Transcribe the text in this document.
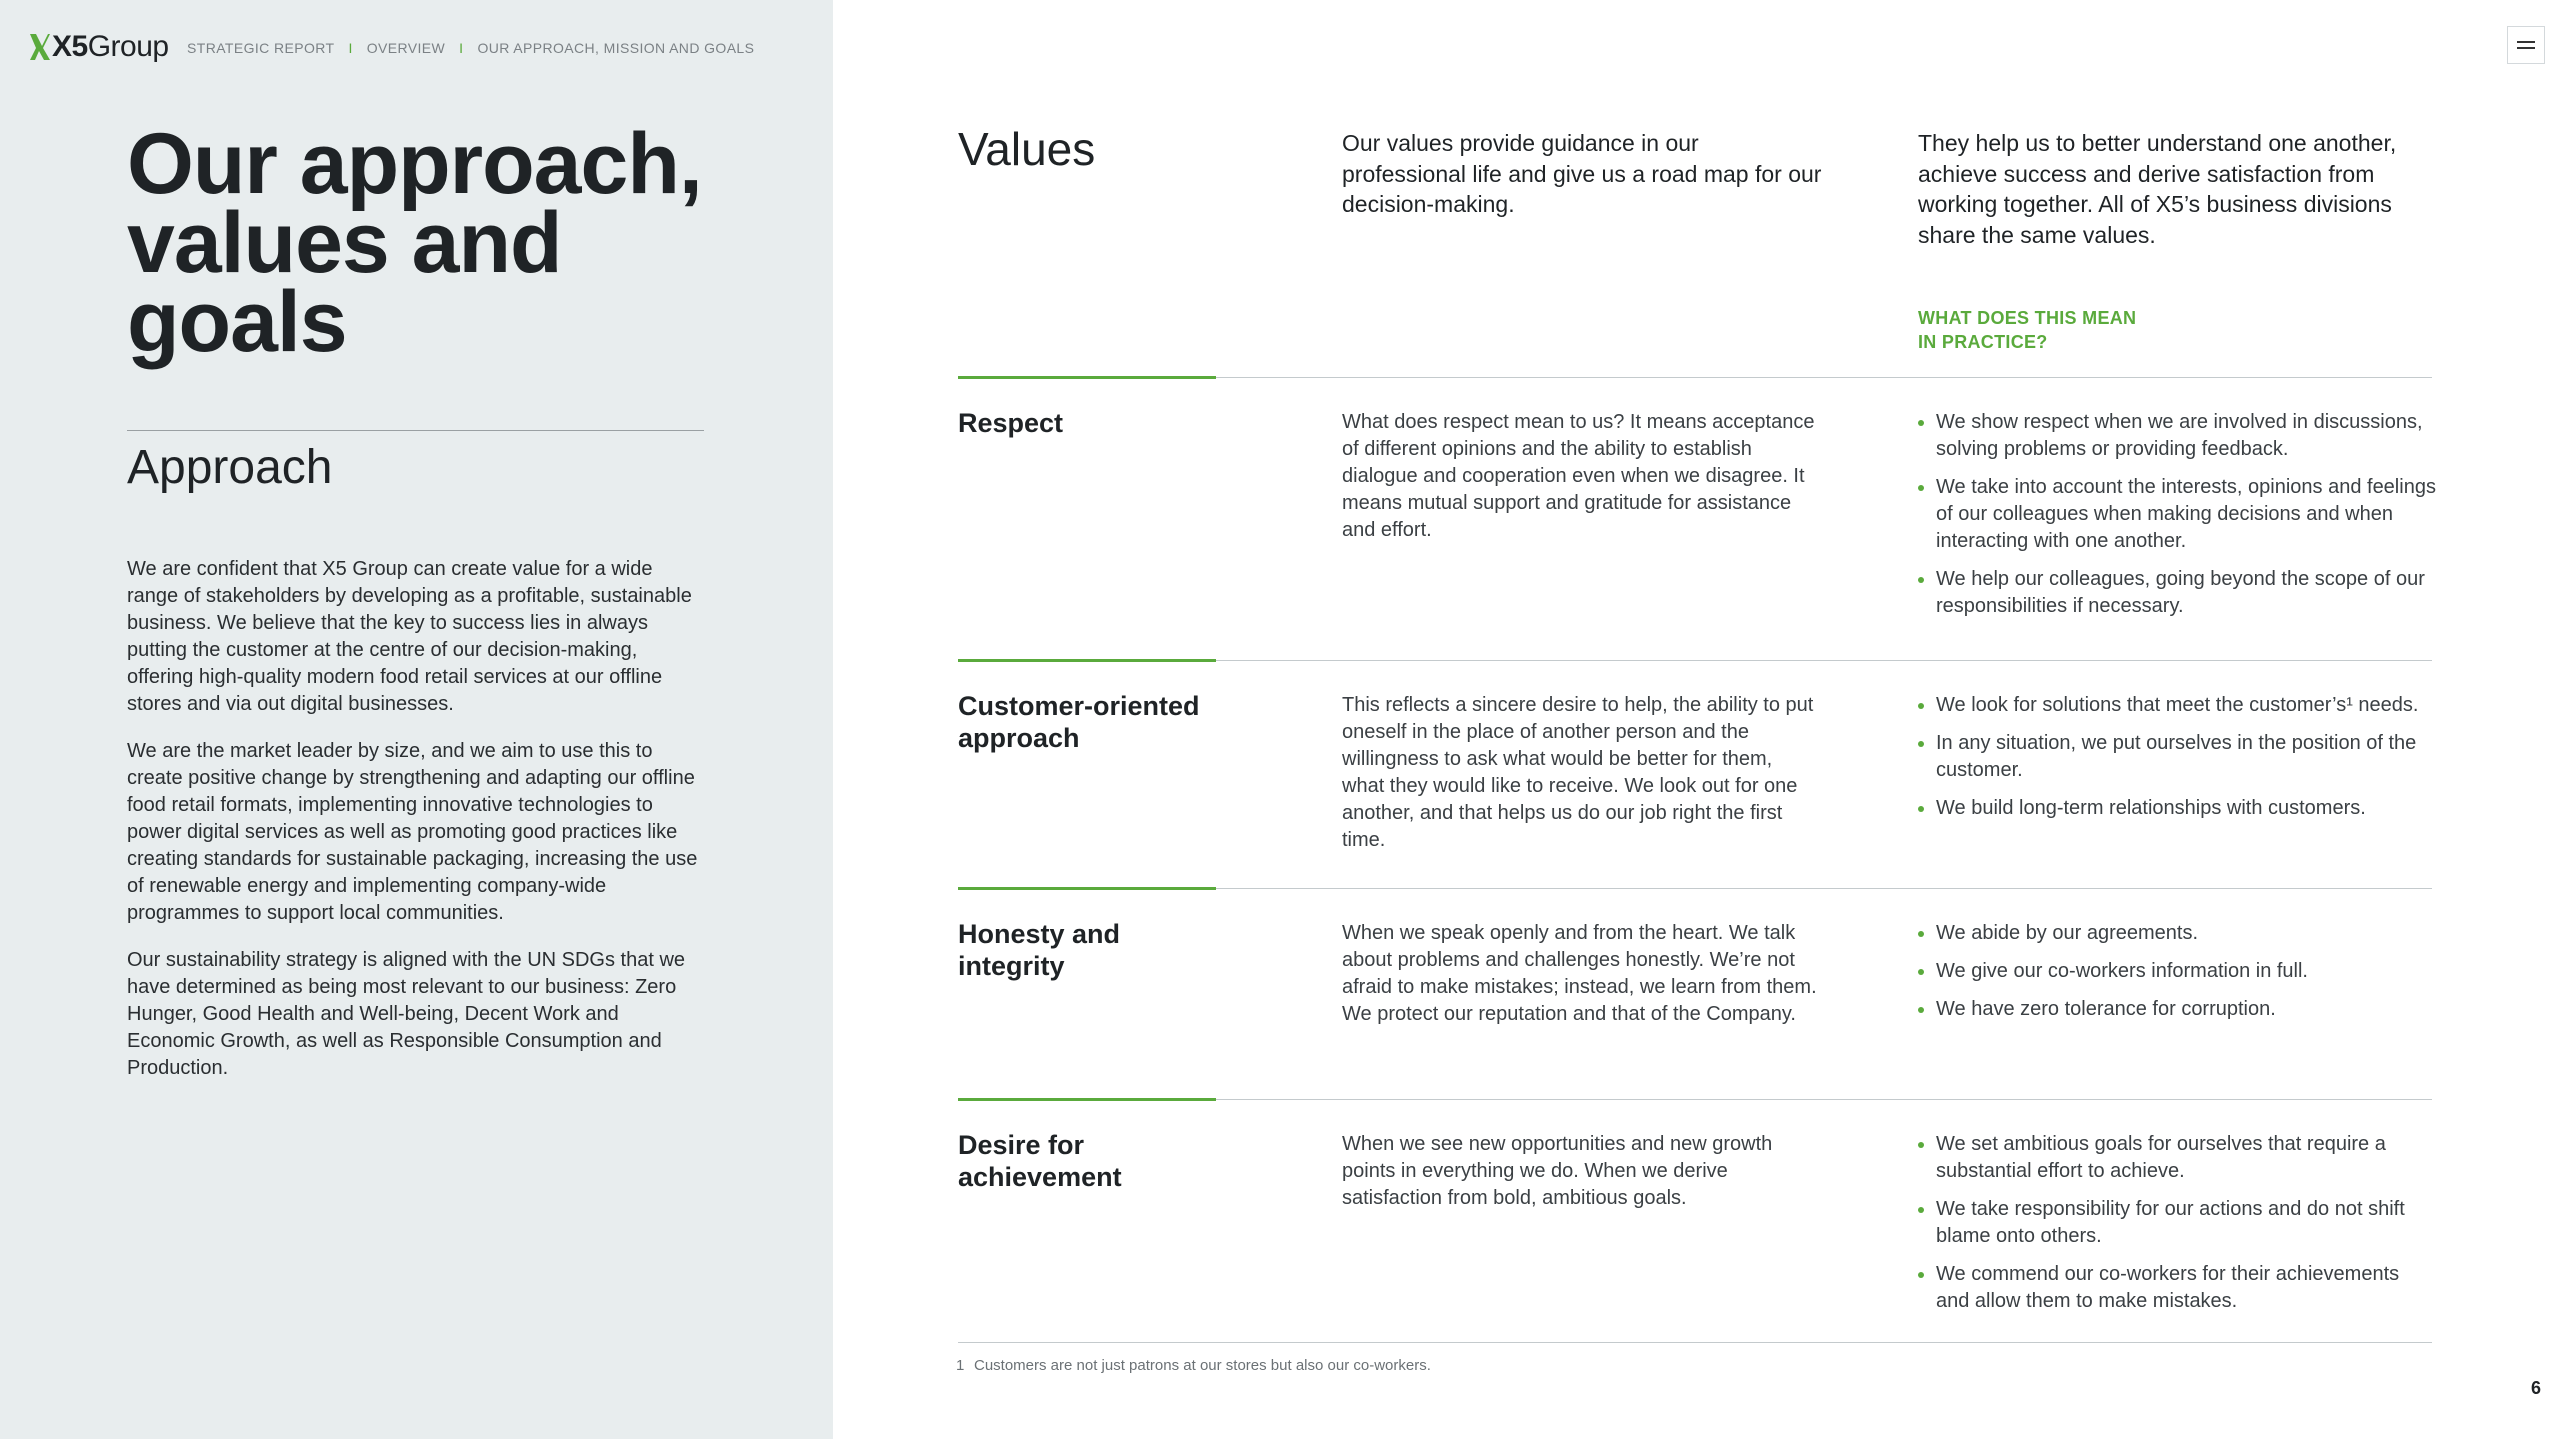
X5Group STRATEGIC REPORT I OVERVIEW I OUR APPROACH, MISSION AND GOALS
Our approach, values and goals
Approach

We are confident that X5 Group can create value for a wide range of stakeholders by developing as a profitable, sustainable business. We believe that the key to success lies in always putting the customer at the centre of our decision-making, offering high-quality modern food retail services at our offline stores and via out digital businesses.

We are the market leader by size, and we aim to use this to create positive change by strengthening and adapting our offline food retail formats, implementing innovative technologies to power digital services as well as promoting good practices like creating standards for sustainable packaging, increasing the use of renewable energy and implementing company-wide programmes to support local communities.

Our sustainability strategy is aligned with the UN SDGs that we have determined as being most relevant to our business: Zero Hunger, Good Health and Well-being, Decent Work and Economic Growth, as well as Responsible Consumption and Production.

Values	Our values provide guidance in our professional life and give us a road map for our decision-making.
They help us to better understand one another, achieve success and derive satisfaction from working together. All of X5’s business divisions share the same values.
WHAT DOES THIS MEAN IN PRACTICE?
Respect	What does respect mean to us? It means acceptance of different opinions and the ability to establish dialogue and cooperation even when we disagree. It means mutual support and gratitude for assistance and effort.
We show respect when we are involved in discussions, solving problems or providing feedback.
We take into account the interests, opinions and feelings of our colleagues when making decisions and when interacting with one another.
We help our colleagues, going beyond the scope of our responsibilities if necessary.
Customer-oriented approach
This reflects a sincere desire to help, the ability to put oneself in the place of another person and the willingness to ask what would be better for them, what they would like to receive. We look out for one another, and that helps us do our job right the first time.
We look for solutions that meet the customer’s¹ needs.
In any situation, we put ourselves in the position of the customer.
We build long-term relationships with customers.
Honesty and integrity
When we speak openly and from the heart. We talk about problems and challenges honestly. We’re not afraid to make mistakes; instead, we learn from them. We protect our reputation and that of the Company.
We abide by our agreements.
We give our co-workers information in full.
We have zero tolerance for corruption.
Desire for achievement
When we see new opportunities and new growth points in everything we do. When we derive satisfaction from bold, ambitious goals.
We set ambitious goals for ourselves that require a substantial effort to achieve.
We take responsibility for our actions and do not shift blame onto others.
We commend our co-workers for their achievements and allow them to make mistakes.
1 Customers are not just patrons at our stores but also our co-workers.
6
